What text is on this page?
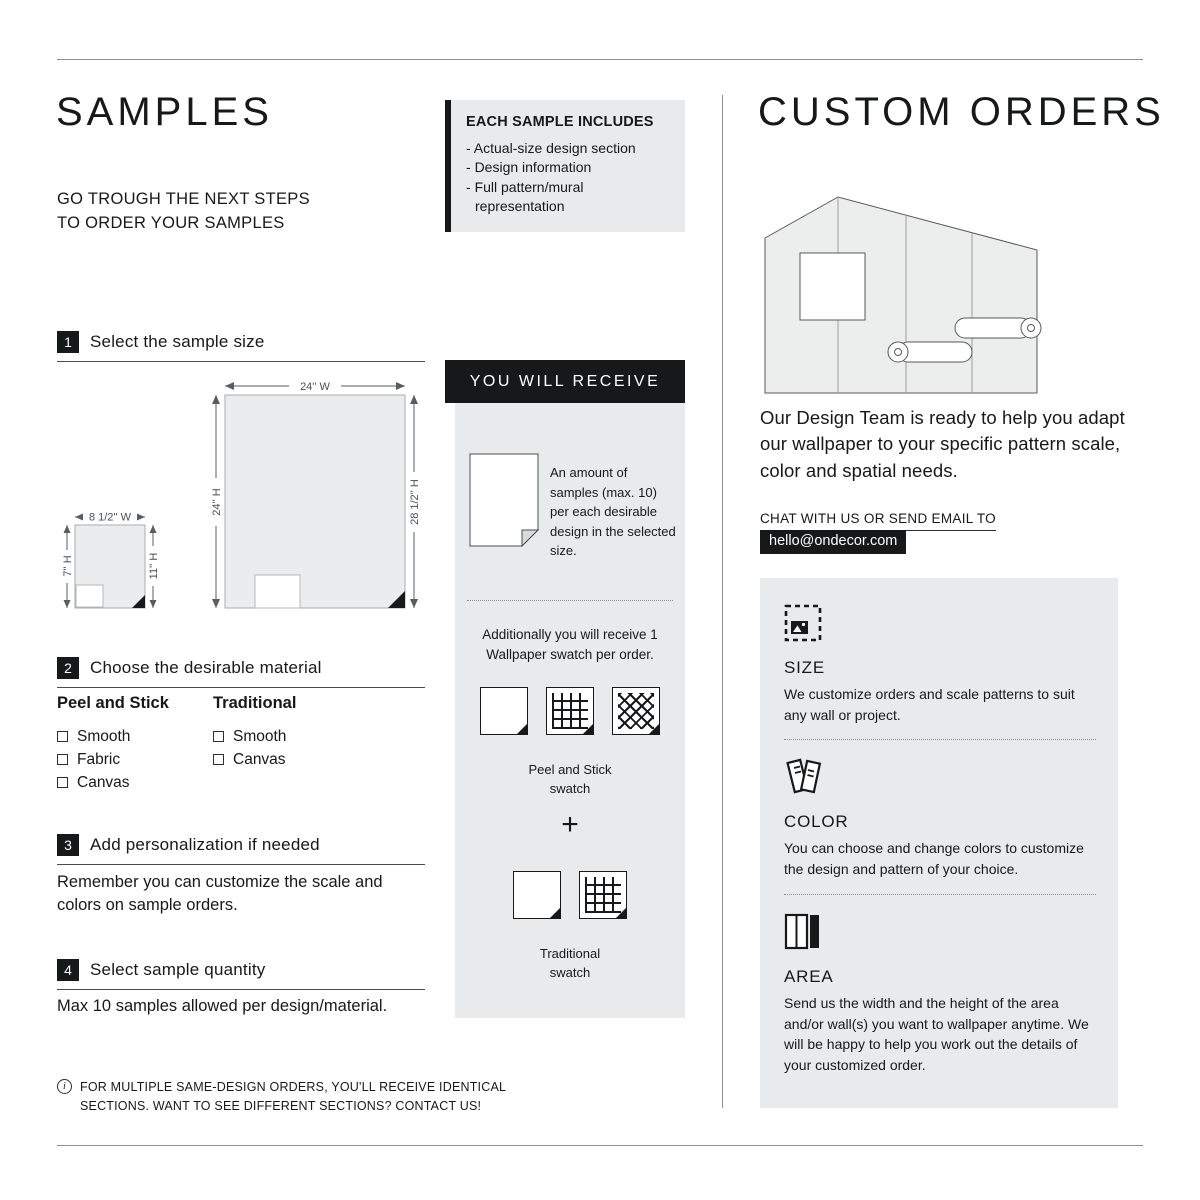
SAMPLES
GO TROUGH THE NEXT STEPS TO ORDER YOUR SAMPLES
1	Select the sample size
24'' W
24'' H	28 1/2'' H
8 1/2'' W
7'' H	11'' H
2	Choose the desirable material
Peel and Stick
Smooth
Fabric
Canvas
Traditional
Smooth
Canvas
3	Add personalization if needed
Remember you can customize the scale and colors on sample orders.
4	Select sample quantity
Max 10 samples allowed per design/material.
i	FOR MULTIPLE SAME-DESIGN ORDERS, YOU'LL RECEIVE IDENTICAL SECTIONS. WANT TO SEE DIFFERENT SECTIONS? CONTACT US!
EACH SAMPLE INCLUDES
- Actual-size design section
- Design information
- Full pattern/mural representation
YOU WILL RECEIVE
An amount of samples (max. 10) per each desirable design in the selected size.
Additionally you will receive 1 Wallpaper swatch per order.
Peel and Stick swatch
+
Traditional swatch
CUSTOM ORDERS
Our Design Team is ready to help you adapt our wallpaper to your specific pattern scale, color and spatial needs.
CHAT WITH US OR SEND EMAIL TO
hello@ondecor.com
SIZE
We customize orders and scale patterns to suit any wall or project.
COLOR
You can choose and change colors to customize the design and pattern of your choice.
AREA
Send us the width and the height of the area and/or wall(s) you want to wallpaper anytime. We will be happy to help you work out the details of your customized order.
